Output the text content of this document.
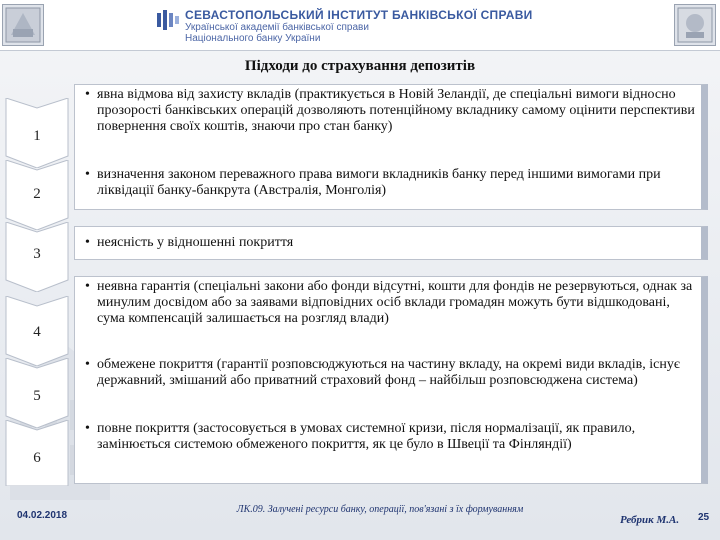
СЕВАСТОПОЛЬСЬКИЙ ІНСТИТУТ БАНКІВСЬКОЇ СПРАВИ
Української академії банківської справи
Національного банку України
Підходи до страхування депозитів
1
2
3
4
5
6
• явна відмова від захисту вкладів (практикується в Новій Зеландії, де спеціальні вимоги відносно прозорості банківських операцій дозволяють потенційному вкладнику самому оцінити перспективи повернення своїх коштів, знаючи про стан банку)
• визначення законом переважного права вимоги вкладників банку перед іншими вимогами при ліквідації банку-банкрута (Австралія, Монголія)
• неясність у відношенні покриття
• неявна гарантія (спеціальні закони або фонди відсутні, кошти для фондів не резервуються, однак за минулим досвідом або за заявами відповідних осіб вклади громадян можуть бути відшкодовані, сума компенсацій залишається на розгляд влади)
• обмежене покриття (гарантії розповсюджуються на частину вкладу, на окремі види вкладів, існує державний, змішаний або приватний страховий фонд – найбільш розповсюджена система)
• повне покриття (застосовується в умовах системної кризи, після нормалізації, як правило, замінюється системою обмеженого покриття, як це було в Швеції та Фінляндії)
04.02.2018
ЛК.09. Залучені ресурси банку, операції, пов'язані з їх формуванням
Ребрик М.А. 25
